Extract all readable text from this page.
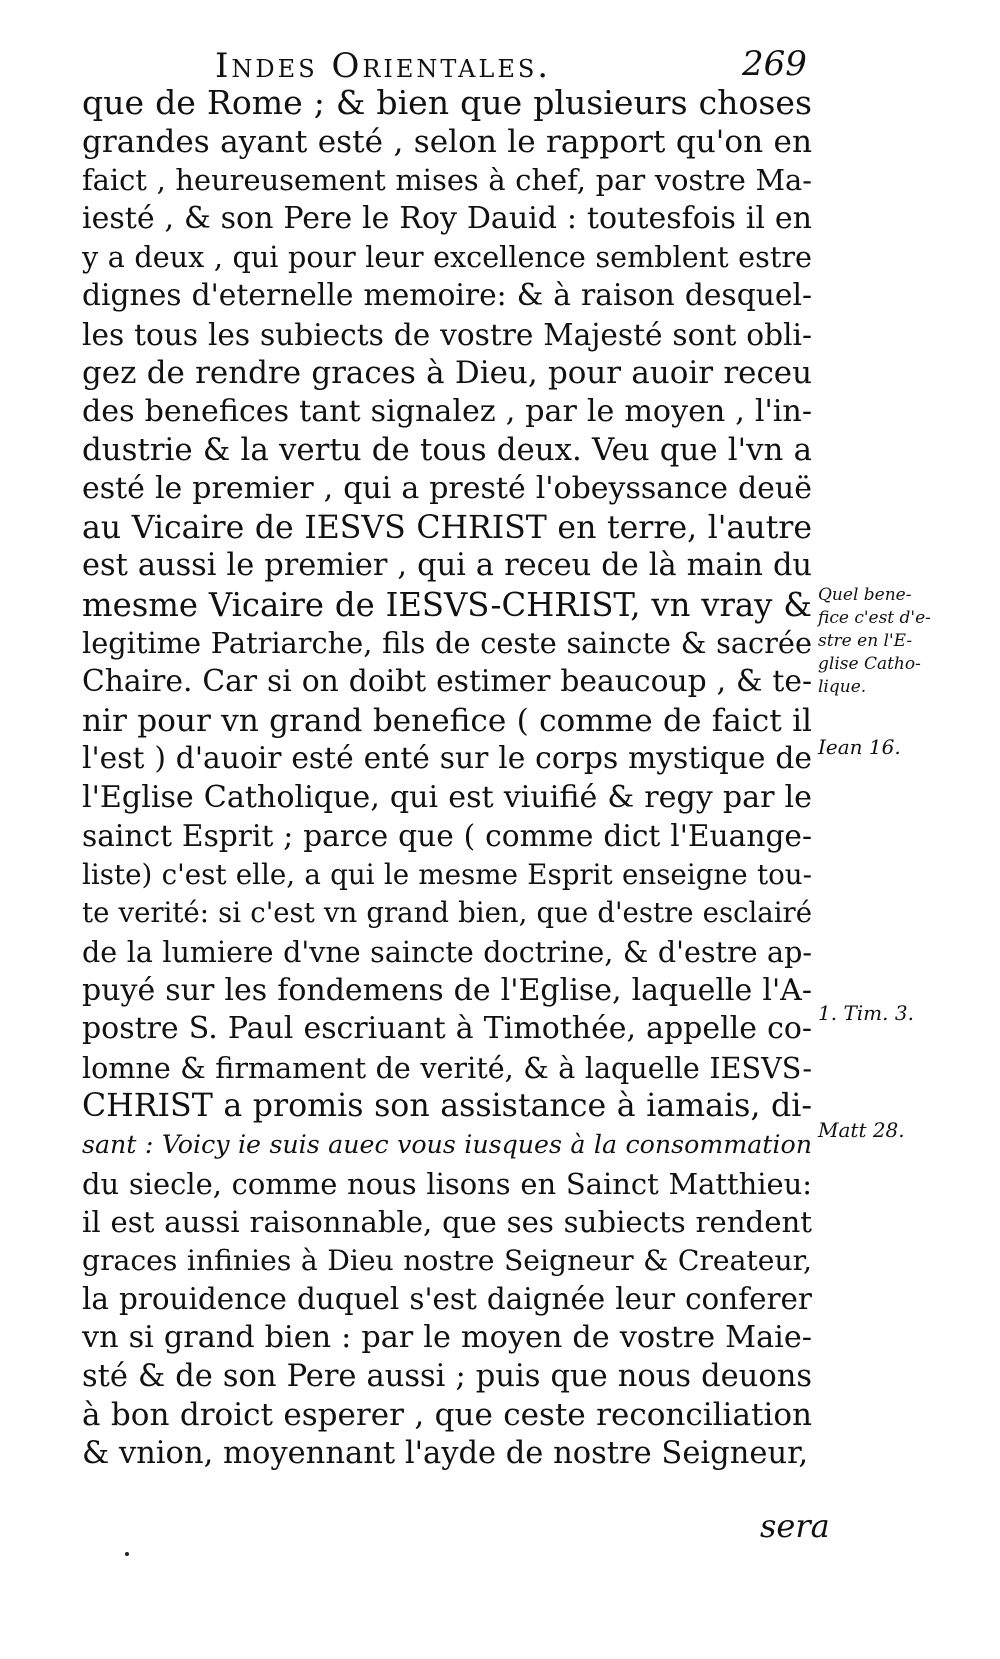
Indes Orientales.	269
que de Rome ; & bien que plusieurs choses
grandes ayant esté , selon le rapport qu'on en
faict , heureusement mises à chef, par vostre Ma-
iesté , & son Pere le Roy Dauid : toutesfois il en
y a deux , qui pour leur excellence semblent estre
dignes d'eternelle memoire: & à raison desquel-
les tous les subiects de vostre Majesté sont obli-
gez de rendre graces à Dieu, pour auoir receu
des benefices tant signalez , par le moyen , l'in-
dustrie & la vertu de tous deux. Veu que l'vn a
esté le premier , qui a presté l'obeyssance deuë
au Vicaire de IESVS CHRIST en terre, l'autre
est aussi le premier , qui a receu de là main du
mesme Vicaire de IESVS-CHRIST, vn vray &
legitime Patriarche, fils de ceste saincte & sacrée
Chaire. Car si on doibt estimer beaucoup , & te-
nir pour vn grand benefice ( comme de faict il
l'est ) d'auoir esté enté sur le corps mystique de
l'Eglise Catholique, qui est viuifié & regy par le
sainct Esprit ; parce que ( comme dict l'Euange-
liste) c'est elle, a qui le mesme Esprit enseigne tou-
te verité: si c'est vn grand bien, que d'estre esclairé
de la lumiere d'vne saincte doctrine, & d'estre ap-
puyé sur les fondemens de l'Eglise, laquelle l'A-
postre S. Paul escriuant à Timothée, appelle co-
lomne & firmament de verité, & à laquelle IESVS-
CHRIST a promis son assistance à iamais, di-
sant : Voicy ie suis auec vous iusques à la consommation
du siecle, comme nous lisons en Sainct Matthieu:
il est aussi raisonnable, que ses subiects rendent
graces infinies à Dieu nostre Seigneur & Createur,
la prouidence duquel s'est daignée leur conferer
vn si grand bien : par le moyen de vostre Maie-
sté & de son Pere aussi ; puis que nous deuons
à bon droict esperer , que ceste reconciliation
& vnion, moyennant l'ayde de nostre Seigneur,
sera
Quel bene-
fice c'est d'e-
stre en l'E-
glise Catho-
lique.
Iean 16.
1. Tim. 3.
Matt 28.
